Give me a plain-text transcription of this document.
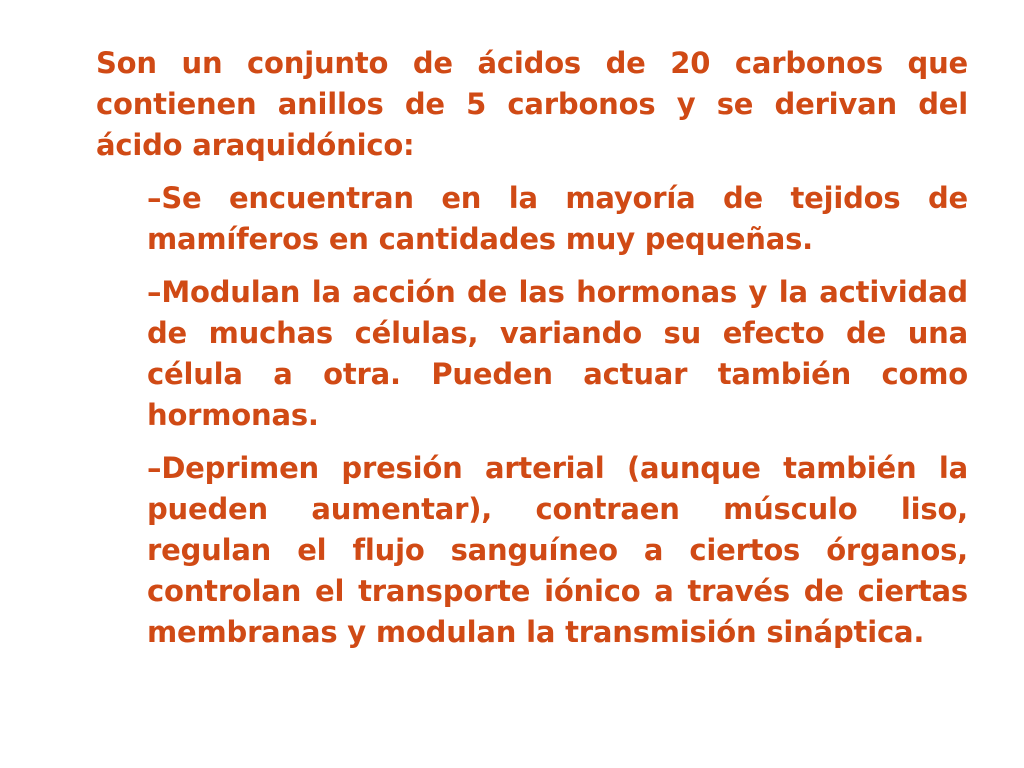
Son un conjunto de ácidos de 20 carbonos que contienen anillos de 5 carbonos y se derivan del ácido araquidónico:

–Se encuentran en la mayoría de tejidos de mamíferos en cantidades muy pequeñas.
–Modulan la acción de las hormonas y la actividad de muchas células, variando su efecto de una célula a otra. Pueden actuar también como hormonas.
–Deprimen presión arterial (aunque también la pueden aumentar), contraen músculo liso, regulan el flujo sanguíneo a ciertos órganos, controlan el transporte iónico a través de ciertas membranas y modulan la transmisión sináptica.
